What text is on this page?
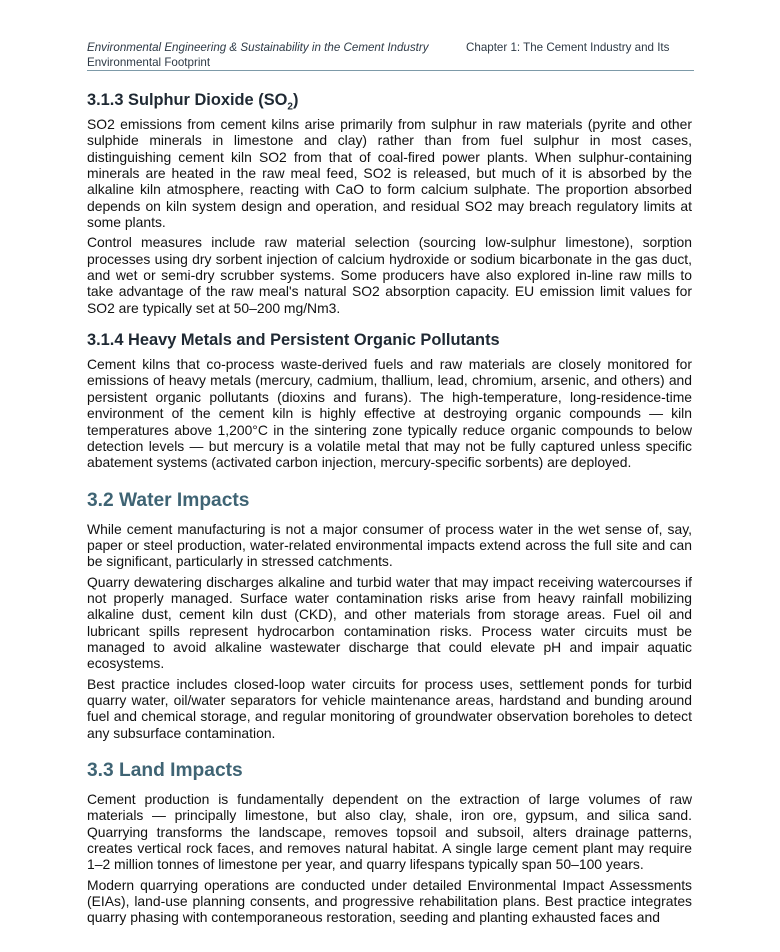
Environmental Engineering & Sustainability in the Cement Industry	Chapter 1: The Cement Industry and Its

Environmental Footprint
3.1.3 Sulphur Dioxide $(SO_2)$

SO2 emissions from cement kilns arise primarily from sulphur in raw materials (pyrite and other sulphide minerals in limestone and clay) rather than from fuel sulphur in most cases, distinguishing cement kiln SO2 from that of coal-fired power plants. When sulphur-containing minerals are heated in the raw meal feed, SO2 is released, but much of it is absorbed by the alkaline kiln atmosphere, reacting with CaO to form calcium sulphate. The proportion absorbed depends on kiln system design and operation, and residual SO2 may breach regulatory limits at some plants.

Control measures include raw material selection (sourcing low-sulphur limestone), sorption processes using dry sorbent injection of calcium hydroxide or sodium bicarbonate in the gas duct, and wet or semi-dry scrubber systems. Some producers have also explored in-line raw mills to take advantage of the raw meal's natural SO2 absorption capacity. EU emission limit values for SO2 are typically set at 50–200 mg/Nm3.

3.1.4 Heavy Metals and Persistent Organic Pollutants

Cement kilns that co-process waste-derived fuels and raw materials are closely monitored for emissions of heavy metals (mercury, cadmium, thallium, lead, chromium, arsenic, and others) and persistent organic pollutants (dioxins and furans). The high-temperature, long-residence-time environment of the cement kiln is highly effective at destroying organic compounds — kiln temperatures above 1,200°C in the sintering zone typically reduce organic compounds to below detection levels — but mercury is a volatile metal that may not be fully captured unless specific abatement systems (activated carbon injection, mercury-specific sorbents) are deployed.

3.2 Water Impacts

While cement manufacturing is not a major consumer of process water in the wet sense of, say, paper or steel production, water-related environmental impacts extend across the full site and can be significant, particularly in stressed catchments.

Quarry dewatering discharges alkaline and turbid water that may impact receiving watercourses if not properly managed. Surface water contamination risks arise from heavy rainfall mobilizing alkaline dust, cement kiln dust (CKD), and other materials from storage areas. Fuel oil and lubricant spills represent hydrocarbon contamination risks. Process water circuits must be managed to avoid alkaline wastewater discharge that could elevate pH and impair aquatic ecosystems.

Best practice includes closed-loop water circuits for process uses, settlement ponds for turbid quarry water, oil/water separators for vehicle maintenance areas, hardstand and bunding around fuel and chemical storage, and regular monitoring of groundwater observation boreholes to detect any subsurface contamination.

3.3 Land Impacts

Cement production is fundamentally dependent on the extraction of large volumes of raw materials — principally limestone, but also clay, shale, iron ore, gypsum, and silica sand. Quarrying transforms the landscape, removes topsoil and subsoil, alters drainage patterns, creates vertical rock faces, and removes natural habitat. A single large cement plant may require 1–2 million tonnes of limestone per year, and quarry lifespans typically span 50–100 years.

Modern quarrying operations are conducted under detailed Environmental Impact Assessments (EIAs), land-use planning consents, and progressive rehabilitation plans. Best practice integrates quarry phasing with contemporaneous restoration, seeding and planting exhausted faces and
